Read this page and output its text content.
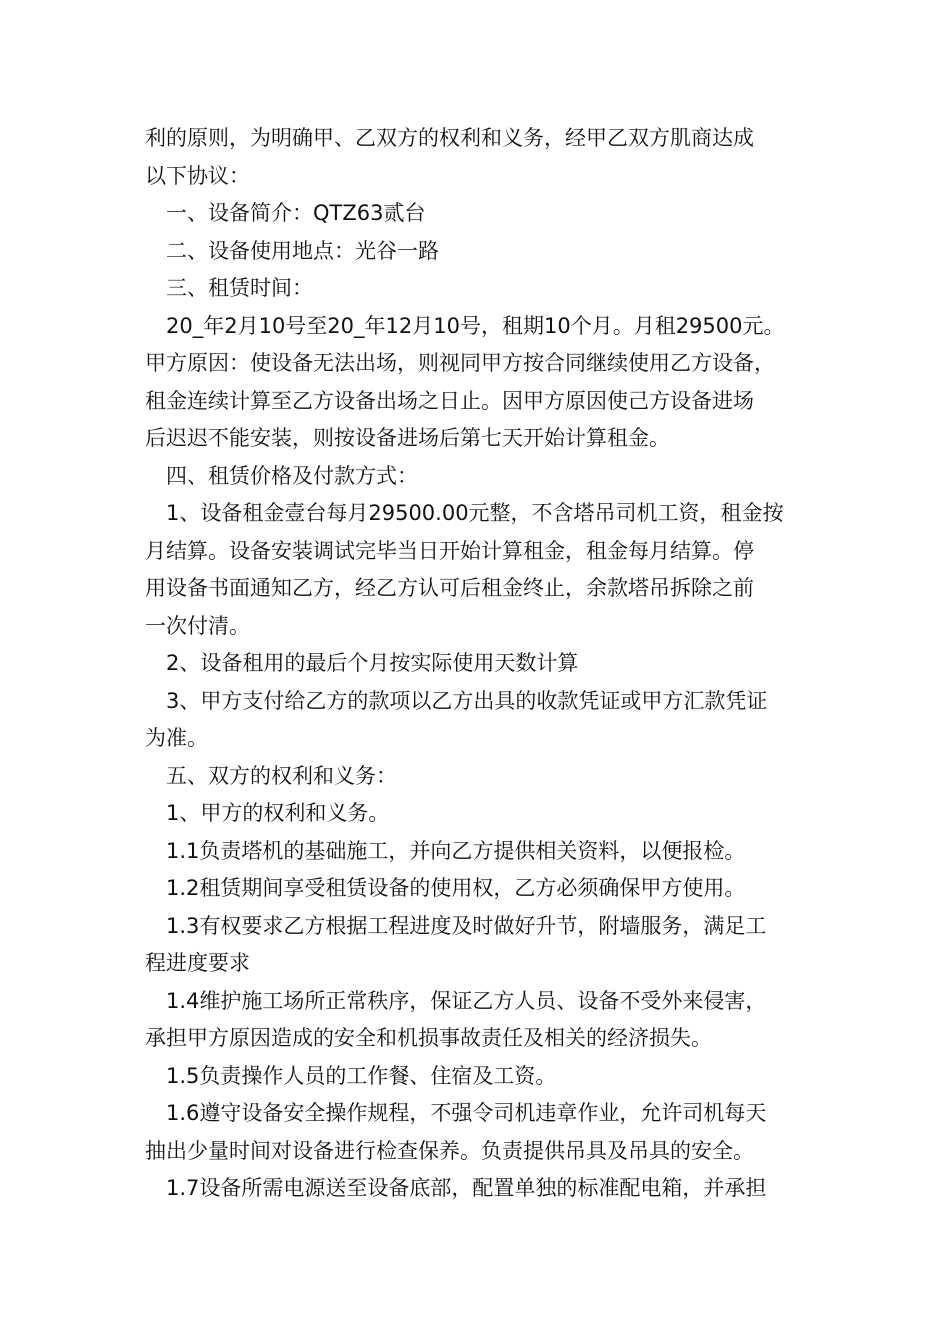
利的原则，为明确甲、乙双方的权利和义务，经甲乙双方肌商达成
以下协议：
一、设备简介：QTZ63贰台
二、设备使用地点：光谷一路
三、租赁时间：
20_年2月10号至20_年12月10号，租期10个月。月租29500元。
甲方原因：使设备无法出场，则视同甲方按合同继续使用乙方设备，
租金连续计算至乙方设备出场之日止。因甲方原因使己方设备进场
后迟迟不能安装，则按设备进场后第七天开始计算租金。
四、租赁价格及付款方式：
1、设备租金壹台每月29500.00元整，不含塔吊司机工资，租金按
月结算。设备安装调试完毕当日开始计算租金，租金每月结算。停
用设备书面通知乙方，经乙方认可后租金终止，余款塔吊拆除之前
一次付清。
2、设备租用的最后个月按实际使用天数计算
3、甲方支付给乙方的款项以乙方出具的收款凭证或甲方汇款凭证
为准。
五、双方的权利和义务：
1、甲方的权利和义务。
1.1负责塔机的基础施工，并向乙方提供相关资料，以便报检。
1.2租赁期间享受租赁设备的使用权，乙方必须确保甲方使用。
1.3有权要求乙方根据工程进度及时做好升节，附墙服务，满足工
程进度要求
1.4维护施工场所正常秩序，保证乙方人员、设备不受外来侵害，
承担甲方原因造成的安全和机损事故责任及相关的经济损失。
1.5负责操作人员的工作餐、住宿及工资。
1.6遵守设备安全操作规程，不强令司机违章作业，允许司机每天
抽出少量时间对设备进行检查保养。负责提供吊具及吊具的安全。
1.7设备所需电源送至设备底部，配置单独的标准配电箱，并承担
